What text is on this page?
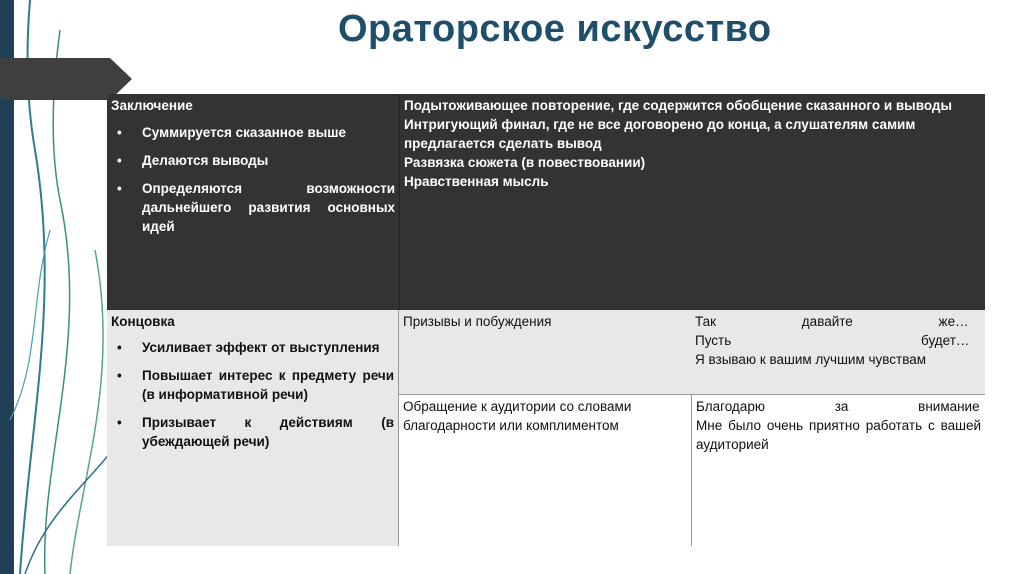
Ораторское искусство
Заключение
• Суммируется сказанное выше
• Делаются выводы
• Определяются возможности дальнейшего развития основных идей
Подытоживающее повторение, где содержится обобщение сказанного и выводы
Интригующий финал, где не все договорено до конца, а слушателям самим предлагается сделать вывод
Развязка сюжета (в повествовании)
Нравственная мысль
Концовка
• Усиливает эффект от выступления
• Повышает интерес к предмету речи (в информативной речи)
• Призывает к действиям (в убеждающей речи)
Призывы и побуждения	Так давайте же…
Пусть будет…
Я взываю к вашим лучшим чувствам
Обращение к аудитории со словами благодарности или комплиментом
Благодарю за внимание
Мне было очень приятно работать с вашей аудиторией
